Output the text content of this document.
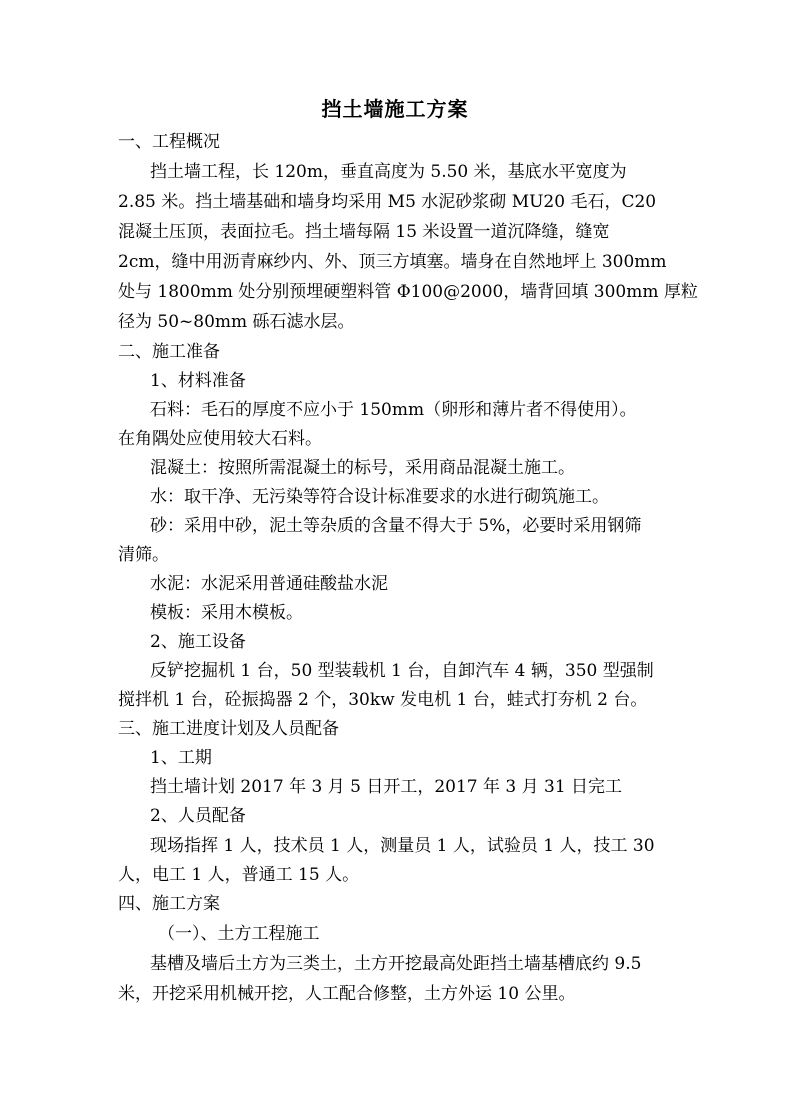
挡土墙施工方案
一、工程概况
挡土墙工程，长 120m，垂直高度为 5.50 米，基底水平宽度为
2.85 米。挡土墙基础和墙身均采用 M5 水泥砂浆砌 MU20 毛石，C20
混凝土压顶，表面拉毛。挡土墙每隔 15 米设置一道沉降缝，缝宽
2cm，缝中用沥青麻纱内、外、顶三方填塞。墙身在自然地坪上 300mm
处与 1800mm 处分别预埋硬塑料管 Φ100@2000，墙背回填 300mm 厚粒
径为 50~80mm 砾石滤水层。
二、施工准备
1、材料准备
石料：毛石的厚度不应小于 150mm（卵形和薄片者不得使用）。
在角隅处应使用较大石料。
混凝土：按照所需混凝土的标号，采用商品混凝土施工。
水：取干净、无污染等符合设计标准要求的水进行砌筑施工。
砂：采用中砂，泥土等杂质的含量不得大于 5%，必要时采用钢筛
清筛。
水泥：水泥采用普通硅酸盐水泥
模板：采用木模板。
2、施工设备
反铲挖掘机 1 台，50 型装载机 1 台，自卸汽车 4 辆，350 型强制
搅拌机 1 台，砼振捣器 2 个，30kw 发电机 1 台，蛙式打夯机 2 台。
三、施工进度计划及人员配备
1、工期
挡土墙计划 2017 年 3 月 5 日开工，2017 年 3 月 31 日完工
2、人员配备
现场指挥 1 人，技术员 1 人，测量员 1 人，试验员 1 人，技工 30
人，电工 1 人，普通工 15 人。
四、施工方案
（一）、土方工程施工
基槽及墙后土方为三类土，土方开挖最高处距挡土墙基槽底约 9.5
米，开挖采用机械开挖，人工配合修整，土方外运 10 公里。
